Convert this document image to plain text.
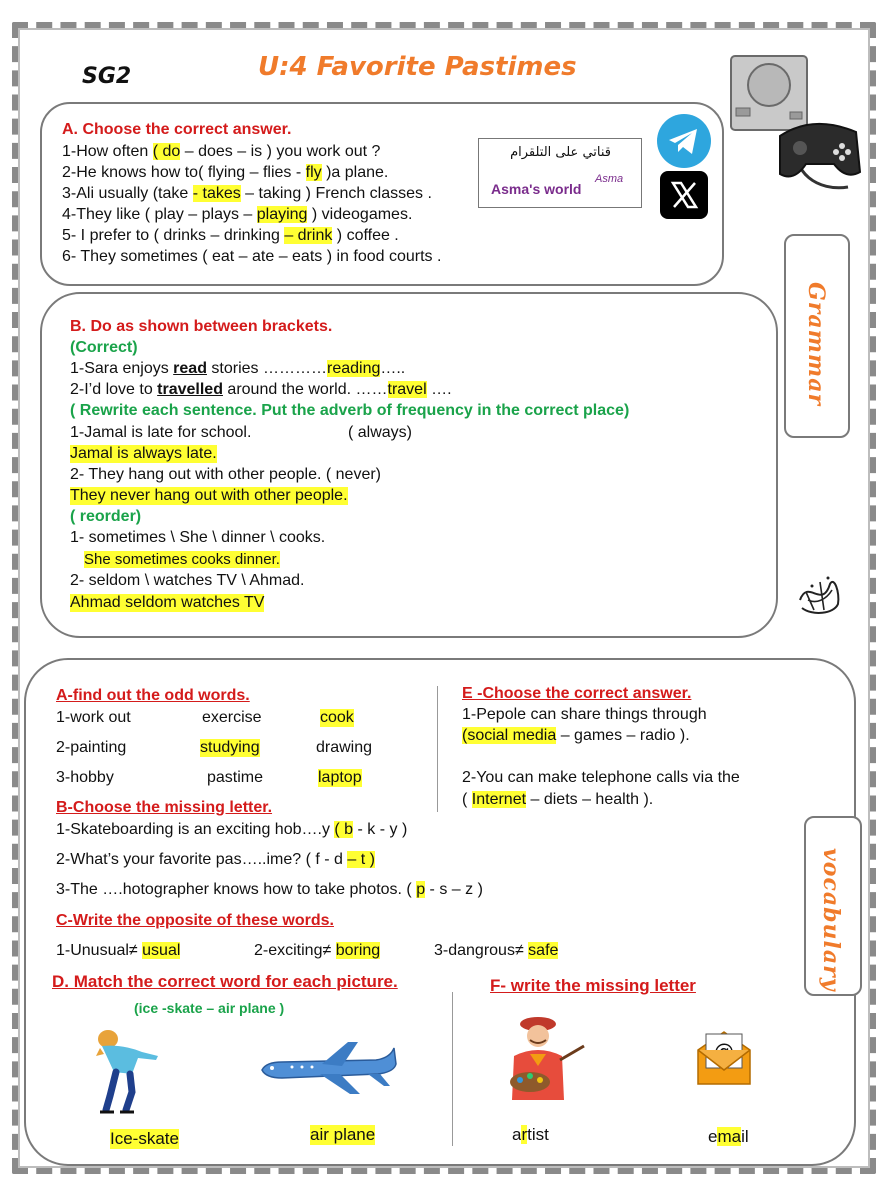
SG2	U:4 Favorite Pastimes
A. Choose the correct answer.
1-How often ( do – does – is ) you work out ?
2-He knows how to( flying – flies - fly )a plane.
3-Ali usually (take - takes – taking ) French classes .
4-They like ( play – plays – playing ) videogames.
5- I prefer to ( drinks – drinking – drink ) coffee .
6- They sometimes ( eat – ate – eats ) in food courts .
قناتي على التلقرام
Asma's world
Asma
Grammar
B. Do as shown between brackets.
(Correct)
1-Sara enjoys read stories …………reading…..
2-I’d love to travelled around the world. ……travel ….
( Rewrite each sentence. Put the adverb of frequency in the correct place)
1-Jamal is late for school.	( always)
Jamal is always late.
2- They hang out with other people. ( never)
They never hang out with other people.
( reorder)
1- sometimes \ She \ dinner \ cooks.
She sometimes cooks dinner.
2- seldom \ watches TV \ Ahmad.
Ahmad seldom watches TV
vocabulary
A-find out the odd words.
1-work out	exercise	cook
2-painting	studying	drawing
3-hobby	pastime	laptop
E -Choose the correct answer.
1-Pepole can share things through
(social media – games – radio ).
2-You can make telephone calls via the
( Internet – diets – health ).
B-Choose the missing letter.
1-Skateboarding is an exciting hob….y ( b - k - y )
2-What’s your favorite pas…..ime? ( f - d – t )
3-The ….hotographer knows how to take photos. ( p - s – z )
C-Write the opposite of these words.
1-Unusual≠ usual	2-exciting≠ boring	3-dangrous≠ safe
D. Match the correct word for each picture.
(ice -skate – air plane )
Ice-skate	air plane
F- write the missing letter
artist	email
